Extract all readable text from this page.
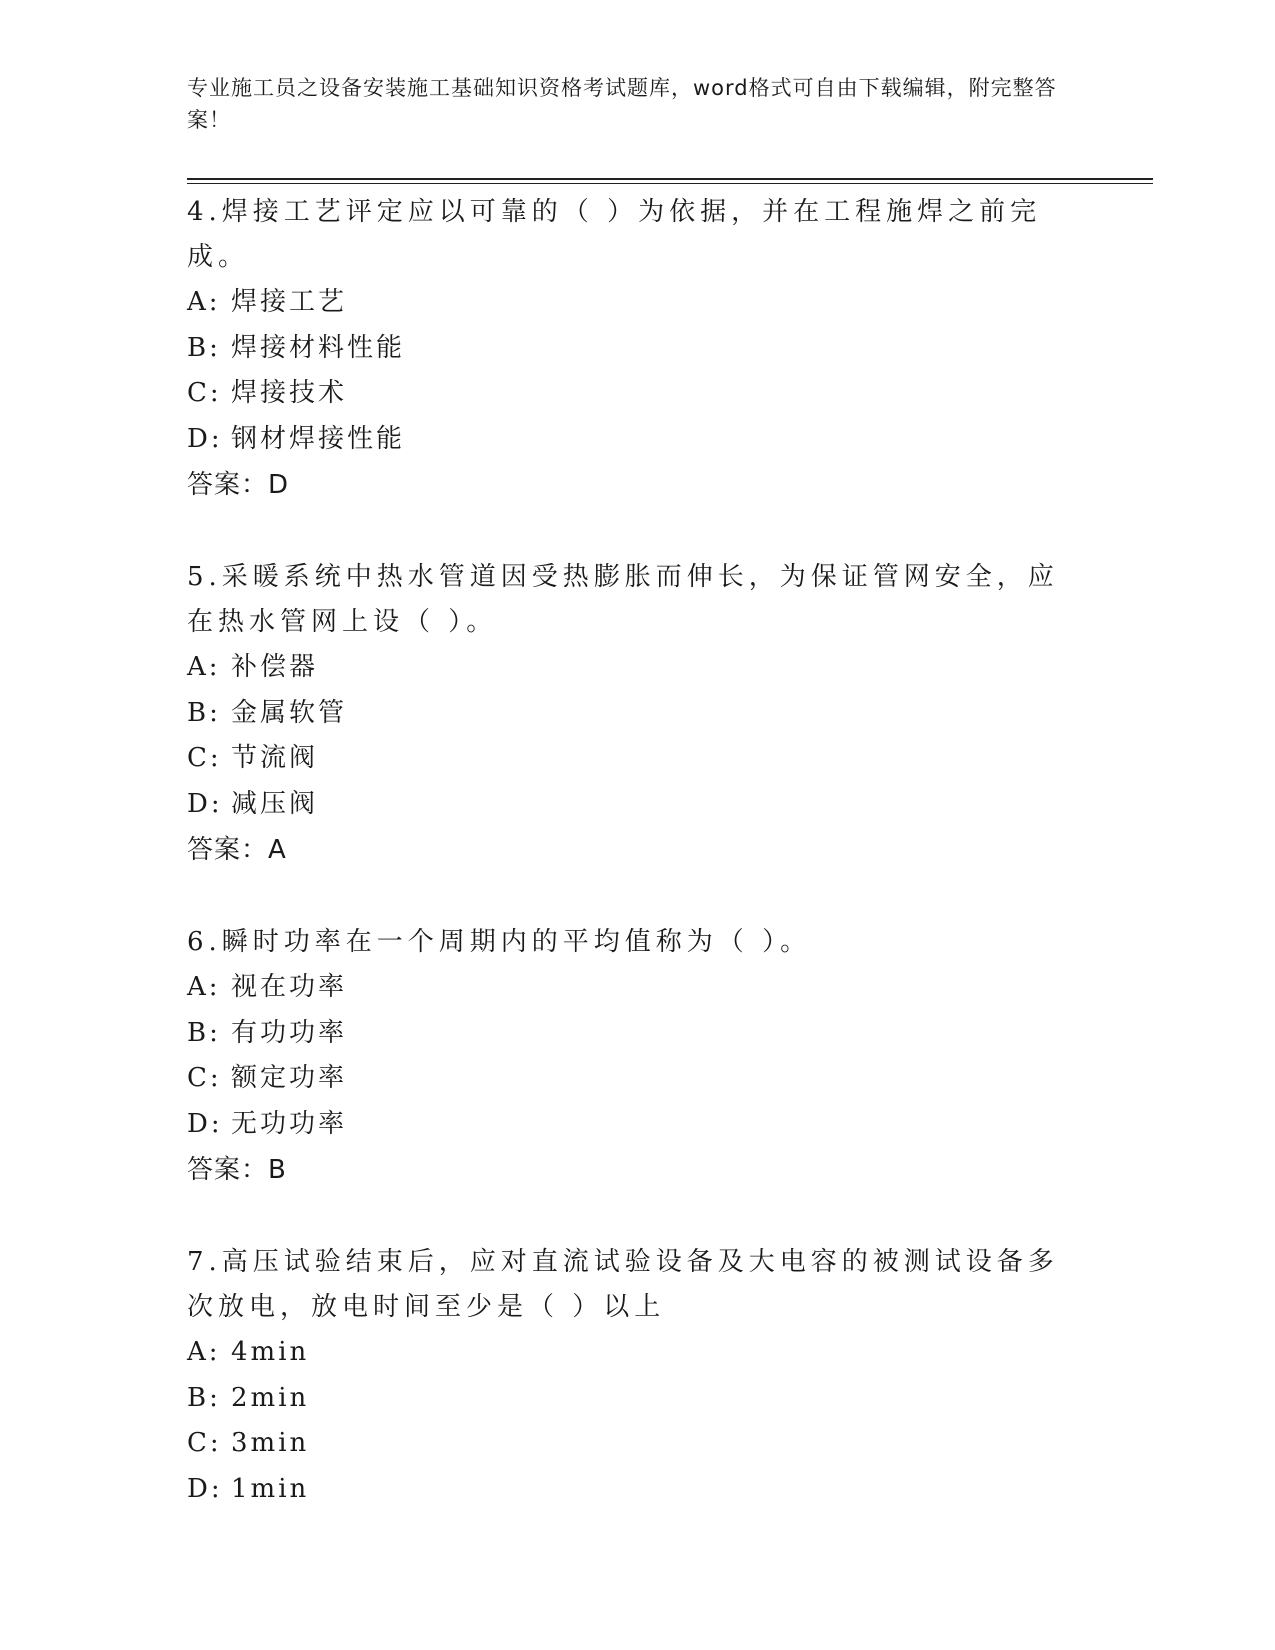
专业施工员之设备安装施工基础知识资格考试题库，word格式可自由下载编辑，附完整答案！

4.焊接工艺评定应以可靠的（ ）为依据，并在工程施焊之前完成。

A: 焊接工艺

B: 焊接材料性能

C: 焊接技术

D: 钢材焊接性能

答案：D

5.采暖系统中热水管道因受热膨胀而伸长，为保证管网安全，应在热水管网上设（ ）。

A: 补偿器

B: 金属软管

C: 节流阀

D: 减压阀

答案：A

6.瞬时功率在一个周期内的平均值称为（ ）。

A: 视在功率

B: 有功功率

C: 额定功率

D: 无功功率

答案：B

7.高压试验结束后，应对直流试验设备及大电容的被测试设备多次放电，放电时间至少是（ ）以上

A: 4min

B: 2min

C: 3min

D: 1min
